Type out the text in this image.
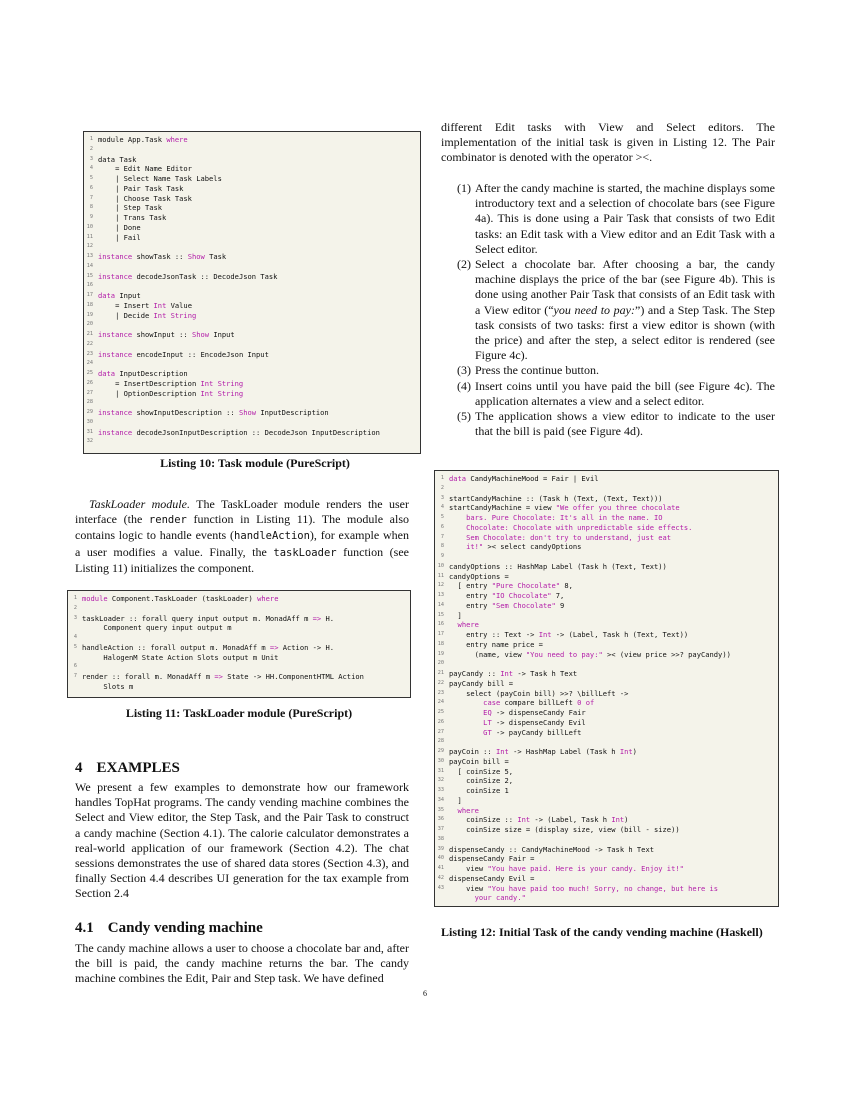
1 module App.Task where
2
3 data Task
4 = Edit Name Editor
5 | Select Name Task Labels
6 | Pair Task Task
7 | Choose Task Task
8 | Step Task
9 | Trans Task
10 | Done
11 | Fail
12
13 instance showTask :: Show Task
14
15 instance decodeJsonTask :: DecodeJson Task
16
17 data Input
18 = Insert Int Value
19 | Decide Int String
20
21 instance showInput :: Show Input
22
23 instance encodeInput :: EncodeJson Input
24
25 data InputDescription
26 = InsertDescription Int String
27 | OptionDescription Int String
28
29 instance showInputDescription :: Show InputDescription
30
31 instance decodeJsonInputDescription :: DecodeJson InputDescription
32
Listing 10: Task module (PureScript)
TaskLoader module. The TaskLoader module renders the user interface (the render function in Listing 11). The module also contains logic to handle events (handleAction), for example when a user modifies a value. Finally, the taskLoader function (see Listing 11) initializes the component.
1 module Component.TaskLoader (taskLoader) where
2
3 taskLoader :: forall query input output m. MonadAff m => H.
Component query input output m
4
5 handleAction :: forall output m. MonadAff m => Action -> H.
HalogenM State Action Slots output m Unit
6
7 render :: forall m. MonadAff m => State -> HH.ComponentHTML Action
Slots m
Listing 11: TaskLoader module (PureScript)
4 EXAMPLES
We present a few examples to demonstrate how our framework handles TopHat programs. The candy vending machine combines the Select and View editor, the Step Task, and the Pair Task to construct a candy machine (Section 4.1). The calorie calculator demonstrates a real-world application of our framework (Section 4.2). The chat sessions demonstrates the use of shared data stores (Section 4.3), and finally Section 4.4 describes UI generation for the tax example from Section 2.4
4.1 Candy vending machine
The candy machine allows a user to choose a chocolate bar and, after the bill is paid, the candy machine returns the bar. The candy machine combines the Edit, Pair and Step task. We have defined
different Edit tasks with View and Select editors. The implementation of the initial task is given in Listing 12. The Pair combinator is denoted with the operator ><.
(1) After the candy machine is started, the machine displays some introductory text and a selection of chocolate bars (see Figure 4a). This is done using a Pair Task that consists of two Edit tasks: an Edit task with a View editor and an Edit Task with a Select editor.
(2) Select a chocolate bar. After choosing a bar, the candy machine displays the price of the bar (see Figure 4b). This is done using another Pair Task that consists of an Edit task with a View editor (“you need to pay:”) and a Step Task. The Step task consists of two tasks: first a view editor is shown (with the price) and after the step, a select editor is rendered (see Figure 4c).
(3) Press the continue button.
(4) Insert coins until you have paid the bill (see Figure 4c). The application alternates a view and a select editor.
(5) The application shows a view editor to indicate to the user that the bill is paid (see Figure 4d).
1 data CandyMachineMood = Fair | Evil
2
3 startCandyMachine :: (Task h (Text, (Text, Text)))
4 startCandyMachine = view "We offer you three chocolate
5 bars. Pure Chocolate: It's all in the name. IO
6 Chocolate: Chocolate with unpredictable side effects.
7 Sem Chocolate: don't try to understand, just eat
8 it!" >< select candyOptions
9
10 candyOptions :: HashMap Label (Task h (Text, Text))
11 candyOptions =
12 [ entry "Pure Chocolate" 8,
13 entry "IO Chocolate" 7,
14 entry "Sem Chocolate" 9
15 ]
16 where
17 entry :: Text -> Int -> (Label, Task h (Text, Text))
18 entry name price =
19 (name, view "You need to pay:" >< (view price >>? payCandy))
20
21 payCandy :: Int -> Task h Text
22 payCandy bill =
23 select (payCoin bill) >>? \billLeft ->
24	case compare billLeft 0 of
25	EQ -> dispenseCandy Fair
26	LT -> dispenseCandy Evil
27	GT -> payCandy billLeft
28
29 payCoin :: Int -> HashMap Label (Task h Int)
30 payCoin bill =
31 [ coinSize 5,
32 coinSize 2,
33 coinSize 1
34 ]
35 where
36 coinSize :: Int -> (Label, Task h Int)
37 coinSize size = (display size, view (bill - size))
38
39 dispenseCandy :: CandyMachineMood -> Task h Text
40 dispenseCandy Fair =
41 view "You have paid. Here is your candy. Enjoy it!"
42 dispenseCandy Evil =
43 view "You have paid too much! Sorry, no change, but here is
your candy."
Listing 12: Initial Task of the candy vending machine (Haskell)
6
